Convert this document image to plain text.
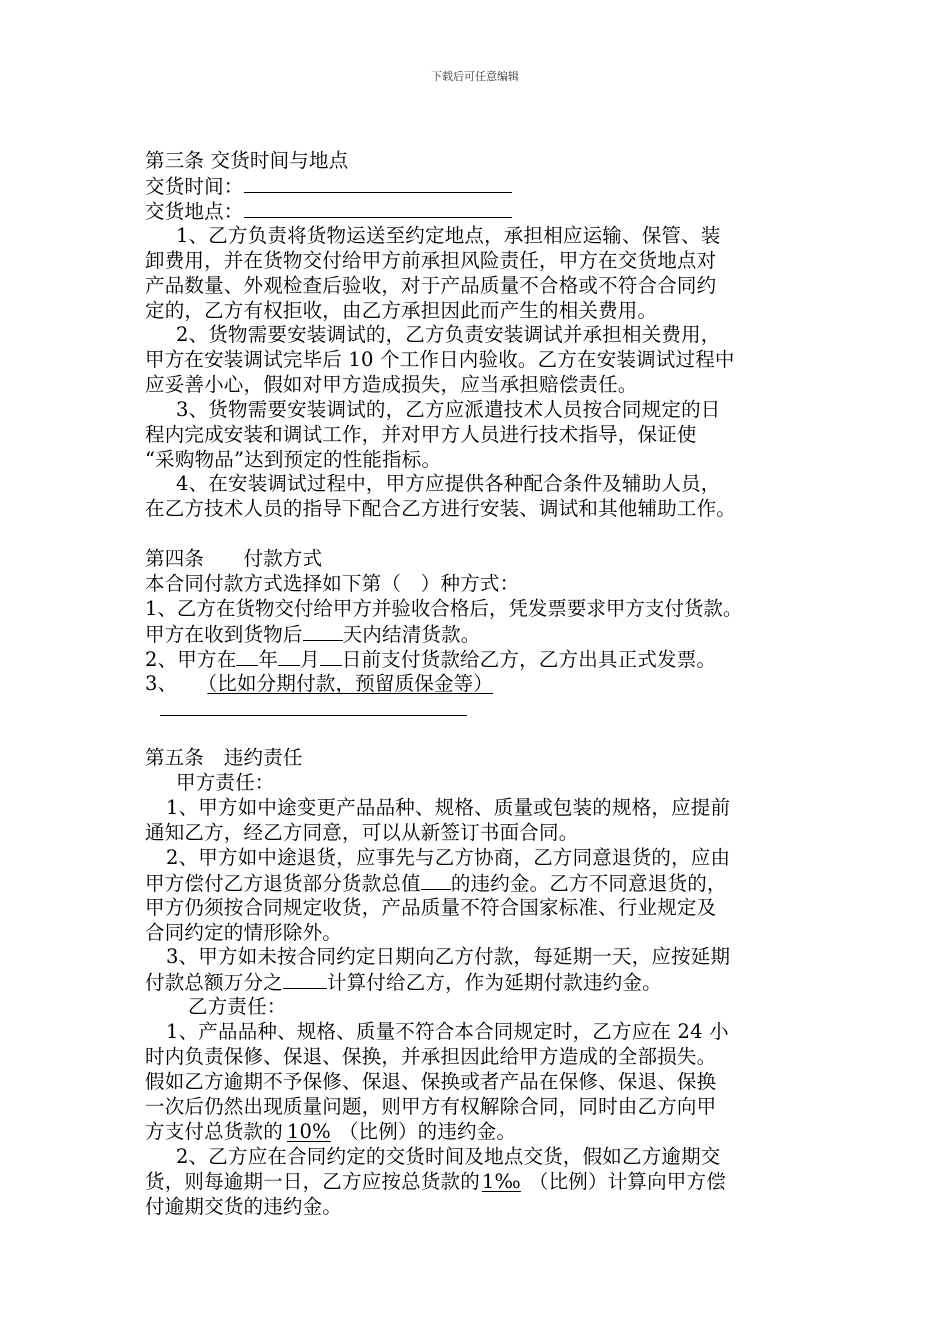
下载后可任意编辑
第三条 交货时间与地点
交货时间：
交货地点：
1、乙方负责将货物运送至约定地点，承担相应运输、保管、装
卸费用，并在货物交付给甲方前承担风险责任，甲方在交货地点对
产品数量、外观检查后验收，对于产品质量不合格或不符合合同约
定的，乙方有权拒收，由乙方承担因此而产生的相关费用。
2、货物需要安装调试的，乙方负责安装调试并承担相关费用，
甲方在安装调试完毕后 10 个工作日内验收。乙方在安装调试过程中
应妥善小心，假如对甲方造成损失，应当承担赔偿责任。
3、货物需要安装调试的，乙方应派遣技术人员按合同规定的日
程内完成安装和调试工作，并对甲方人员进行技术指导，保证使
“采购物品”达到预定的性能指标。
4、在安装调试过程中，甲方应提供各种配合条件及辅助人员，
在乙方技术人员的指导下配合乙方进行安装、调试和其他辅助工作。
第四条　　付款方式
本合同付款方式选择如下第（　）种方式：
1、乙方在货物交付给甲方并验收合格后，凭发票要求甲方支付货款。
甲方在收到货物后 天内结清货款。
2、甲方在 年 月 日前支付货款给乙方，乙方出具正式发票。
3、 （比如分期付款，预留质保金等）
第五条　违约责任
甲方责任：
1、甲方如中途变更产品品种、规格、质量或包装的规格，应提前
通知乙方，经乙方同意，可以从新签订书面合同。
2、甲方如中途退货，应事先与乙方协商，乙方同意退货的，应由
甲方偿付乙方退货部分货款总值 的违约金。乙方不同意退货的，
甲方仍须按合同规定收货，产品质量不符合国家标准、行业规定及
合同约定的情形除外。
3、甲方如未按合同约定日期向乙方付款，每延期一天，应按延期
付款总额万分之 计算付给乙方，作为延期付款违约金。
乙方责任：
1、产品品种、规格、质量不符合本合同规定时，乙方应在 24 小
时内负责保修、保退、保换，并承担因此给甲方造成的全部损失。
假如乙方逾期不予保修、保退、保换或者产品在保修、保退、保换
一次后仍然出现质量问题，则甲方有权解除合同，同时由乙方向甲
方支付总货款的 10% （比例）的违约金。
2、乙方应在合同约定的交货时间及地点交货，假如乙方逾期交
货，则每逾期一日，乙方应按总货款的 1‰ （比例）计算向甲方偿
付逾期交货的违约金。
